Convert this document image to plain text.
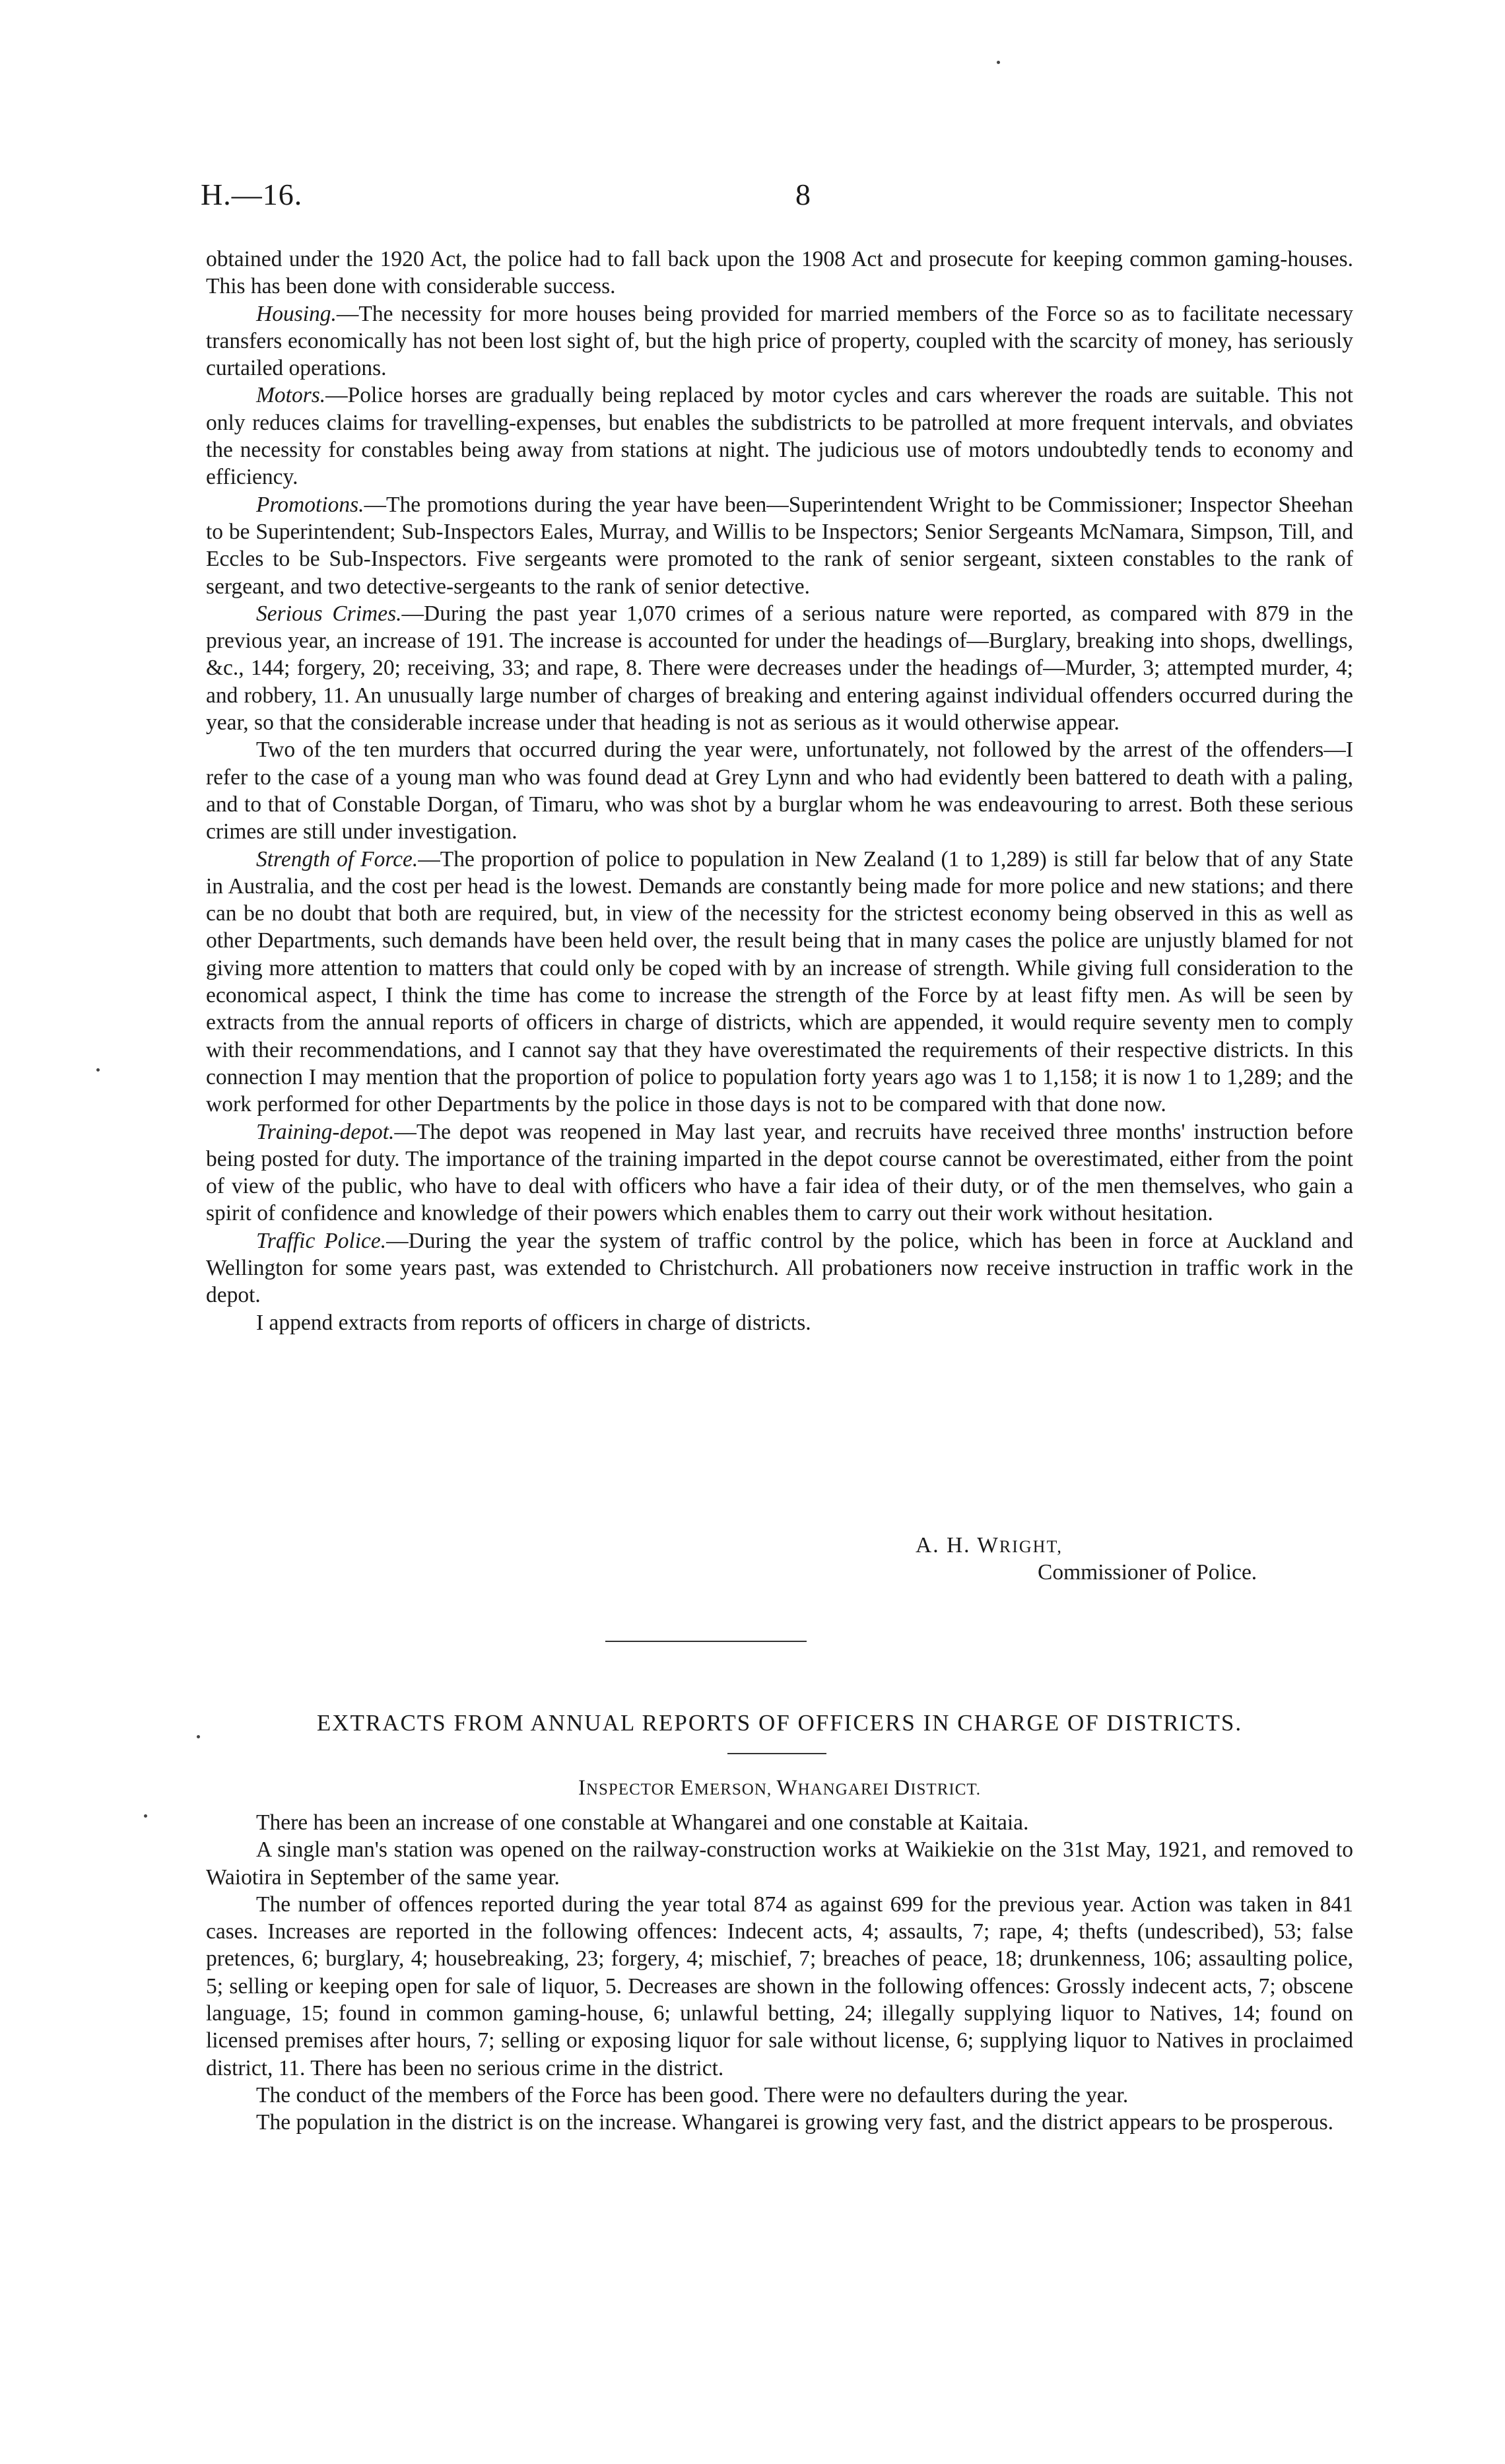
H.—16.	8

obtained under the 1920 Act, the police had to fall back upon the 1908 Act and prosecute for keeping common gaming-houses. This has been done with considerable success.

Housing.—The necessity for more houses being provided for married members of the Force so as to facilitate necessary transfers economically has not been lost sight of, but the high price of property, coupled with the scarcity of money, has seriously curtailed operations.

Motors.—Police horses are gradually being replaced by motor cycles and cars wherever the roads are suitable. This not only reduces claims for travelling-expenses, but enables the subdistricts to be patrolled at more frequent intervals, and obviates the necessity for constables being away from stations at night. The judicious use of motors undoubtedly tends to economy and efficiency.

Promotions.—The promotions during the year have been—Superintendent Wright to be Commissioner; Inspector Sheehan to be Superintendent; Sub-Inspectors Eales, Murray, and Willis to be Inspectors; Senior Sergeants McNamara, Simpson, Till, and Eccles to be Sub-Inspectors. Five sergeants were promoted to the rank of senior sergeant, sixteen constables to the rank of sergeant, and two detective-sergeants to the rank of senior detective.

Serious Crimes.—During the past year 1,070 crimes of a serious nature were reported, as compared with 879 in the previous year, an increase of 191. The increase is accounted for under the headings of—Burglary, breaking into shops, dwellings, &c., 144; forgery, 20; receiving, 33; and rape, 8. There were decreases under the headings of—Murder, 3; attempted murder, 4; and robbery, 11. An unusually large number of charges of breaking and entering against individual offenders occurred during the year, so that the considerable increase under that heading is not as serious as it would otherwise appear.

Two of the ten murders that occurred during the year were, unfortunately, not followed by the arrest of the offenders—I refer to the case of a young man who was found dead at Grey Lynn and who had evidently been battered to death with a paling, and to that of Constable Dorgan, of Timaru, who was shot by a burglar whom he was endeavouring to arrest. Both these serious crimes are still under investigation.

Strength of Force.—The proportion of police to population in New Zealand (1 to 1,289) is still far below that of any State in Australia, and the cost per head is the lowest. Demands are constantly being made for more police and new stations; and there can be no doubt that both are required, but, in view of the necessity for the strictest economy being observed in this as well as other Departments, such demands have been held over, the result being that in many cases the police are unjustly blamed for not giving more attention to matters that could only be coped with by an increase of strength. While giving full consideration to the economical aspect, I think the time has come to increase the strength of the Force by at least fifty men. As will be seen by extracts from the annual reports of officers in charge of districts, which are appended, it would require seventy men to comply with their recommendations, and I cannot say that they have overestimated the requirements of their respective districts. In this connection I may mention that the proportion of police to population forty years ago was 1 to 1,158; it is now 1 to 1,289; and the work performed for other Departments by the police in those days is not to be compared with that done now.

Training-depot.—The depot was reopened in May last year, and recruits have received three months' instruction before being posted for duty. The importance of the training imparted in the depot course cannot be overestimated, either from the point of view of the public, who have to deal with officers who have a fair idea of their duty, or of the men themselves, who gain a spirit of confidence and knowledge of their powers which enables them to carry out their work without hesitation.

Traffic Police.—During the year the system of traffic control by the police, which has been in force at Auckland and Wellington for some years past, was extended to Christchurch. All probationers now receive instruction in traffic work in the depot.

I append extracts from reports of officers in charge of districts.

A. H. WRIGHT,
Commissioner of Police.
EXTRACTS FROM ANNUAL REPORTS OF OFFICERS IN CHARGE OF DISTRICTS.
INSPECTOR EMERSON, WHANGAREI DISTRICT.

There has been an increase of one constable at Whangarei and one constable at Kaitaia.

A single man's station was opened on the railway-construction works at Waikiekie on the 31st May, 1921, and removed to Waiotira in September of the same year.

The number of offences reported during the year total 874 as against 699 for the previous year. Action was taken in 841 cases. Increases are reported in the following offences: Indecent acts, 4; assaults, 7; rape, 4; thefts (undescribed), 53; false pretences, 6; burglary, 4; housebreaking, 23; forgery, 4; mischief, 7; breaches of peace, 18; drunkenness, 106; assaulting police, 5; selling or keeping open for sale of liquor, 5. Decreases are shown in the following offences: Grossly indecent acts, 7; obscene language, 15; found in common gaming-house, 6; unlawful betting, 24; illegally supplying liquor to Natives, 14; found on licensed premises after hours, 7; selling or exposing liquor for sale without license, 6; supplying liquor to Natives in proclaimed district, 11. There has been no serious crime in the district.

The conduct of the members of the Force has been good. There were no defaulters during the year.

The population in the district is on the increase. Whangarei is growing very fast, and the district appears to be prosperous.
